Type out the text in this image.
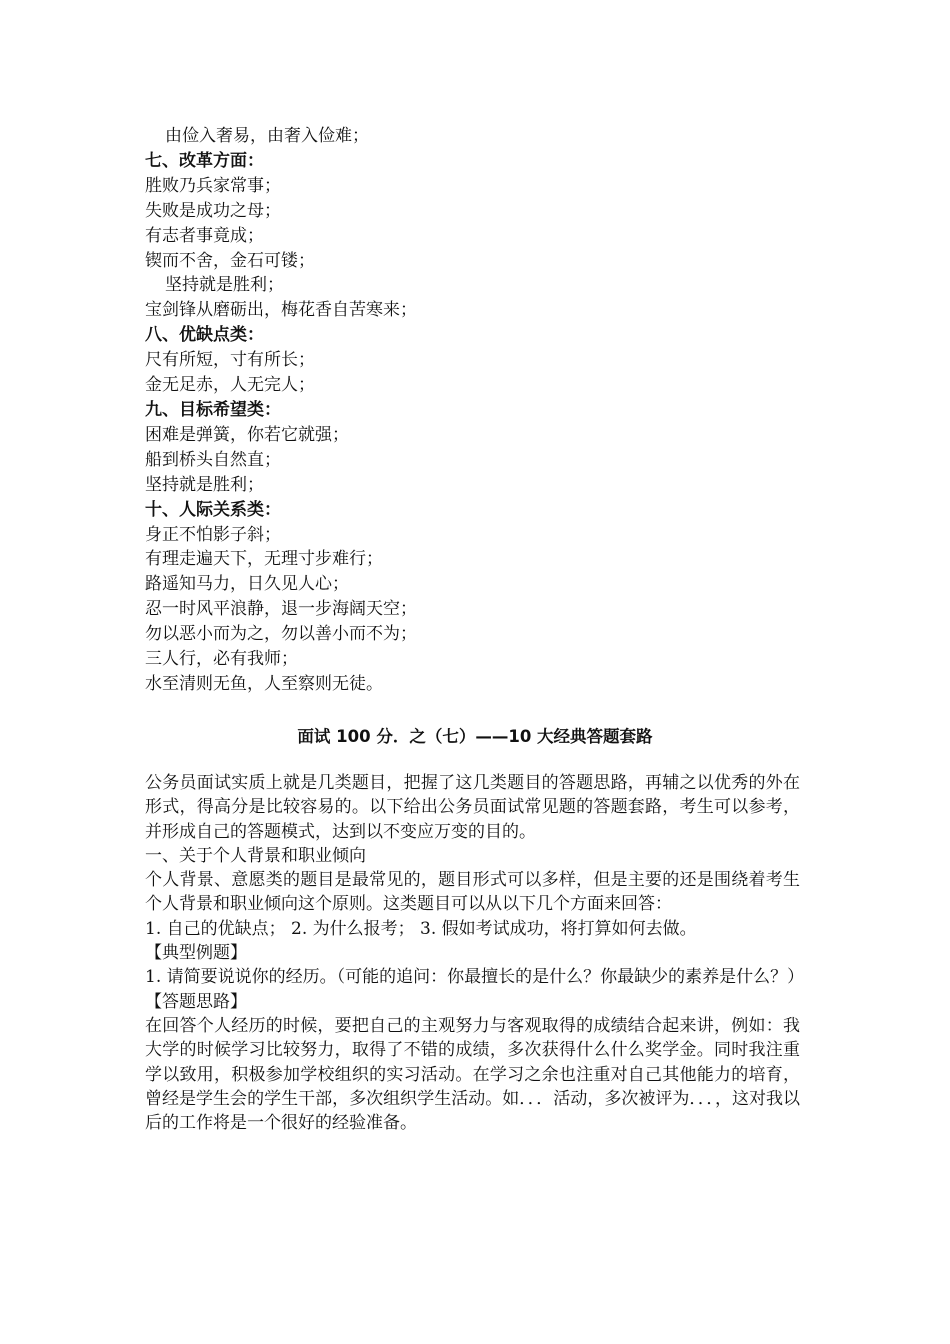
由俭入奢易，由奢入俭难；
七、改革方面：
胜败乃兵家常事；
失败是成功之母；
有志者事竟成；
锲而不舍，金石可镂；
坚持就是胜利；
宝剑锋从磨砺出，梅花香自苦寒来；
八、优缺点类：
尺有所短，寸有所长；
金无足赤，人无完人；
九、目标希望类：
困难是弹簧，你若它就强；
船到桥头自然直；
坚持就是胜利；
十、人际关系类：
身正不怕影子斜；
有理走遍天下，无理寸步难行；
路遥知马力，日久见人心；
忍一时风平浪静，退一步海阔天空；
勿以恶小而为之，勿以善小而不为；
三人行，必有我师；
水至清则无鱼，人至察则无徒。
面试 100 分．之（七）——10 大经典答题套路
公务员面试实质上就是几类题目，把握了这几类题目的答题思路，再辅之以优秀的外在形式，得高分是比较容易的。以下给出公务员面试常见题的答题套路，考生可以参考，并形成自己的答题模式，达到以不变应万变的目的。
一、关于个人背景和职业倾向
个人背景、意愿类的题目是最常见的，题目形式可以多样，但是主要的还是围绕着考生个人背景和职业倾向这个原则。这类题目可以从以下几个方面来回答：
1. 自己的优缺点； 2. 为什么报考； 3. 假如考试成功，将打算如何去做。
【典型例题】
1. 请简要说说你的经历。（可能的追问：你最擅长的是什么？你最缺少的素养是什么？）
【答题思路】
在回答个人经历的时候，要把自己的主观努力与客观取得的成绩结合起来讲，例如：我大学的时候学习比较努力，取得了不错的成绩，多次获得什么什么奖学金。同时我注重学以致用，积极参加学校组织的实习活动。在学习之余也注重对自己其他能力的培育，曾经是学生会的学生干部，多次组织学生活动。如．．．活动，多次被评为．．．，这对我以后的工作将是一个很好的经验准备。
